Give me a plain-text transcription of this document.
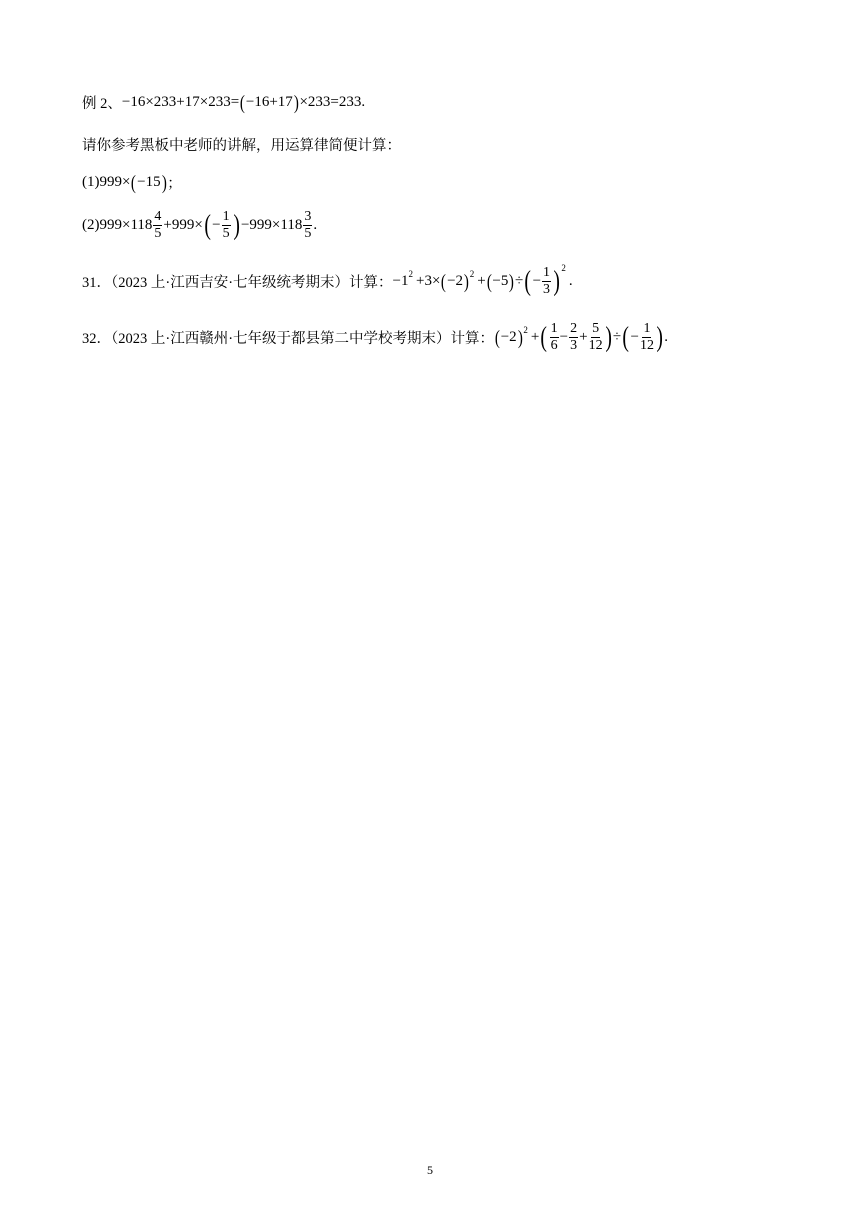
例 2、 −16×233+17×233= ( −16+17 ) ×233=233 .
请你参考黑板中老师的讲解，用运算律简便计算：
(1) 999× ( −15 ) ；
(2) $999\times 118 \frac{4}{5} +999\times$ ( − $\frac{1}{5}$ ) $-999\times 118 \frac{3}{5}$ .
31．（2023 上·江西吉安·七年级统考期末）计算： $-1^2 +3\times$ ( −2 )$^2$ + ( −5 ) ÷ ( − $\frac{1}{3} )^2$
.
32．（2023 上·江西赣州·七年级于都县第二中学校考期末）计算： ( −2 )$^2$ + ( $\frac{1}{6} - \frac{2}{3} + \frac{5}{12}$ ) ÷ ( − $\frac{1}{12}$ ) .
5
